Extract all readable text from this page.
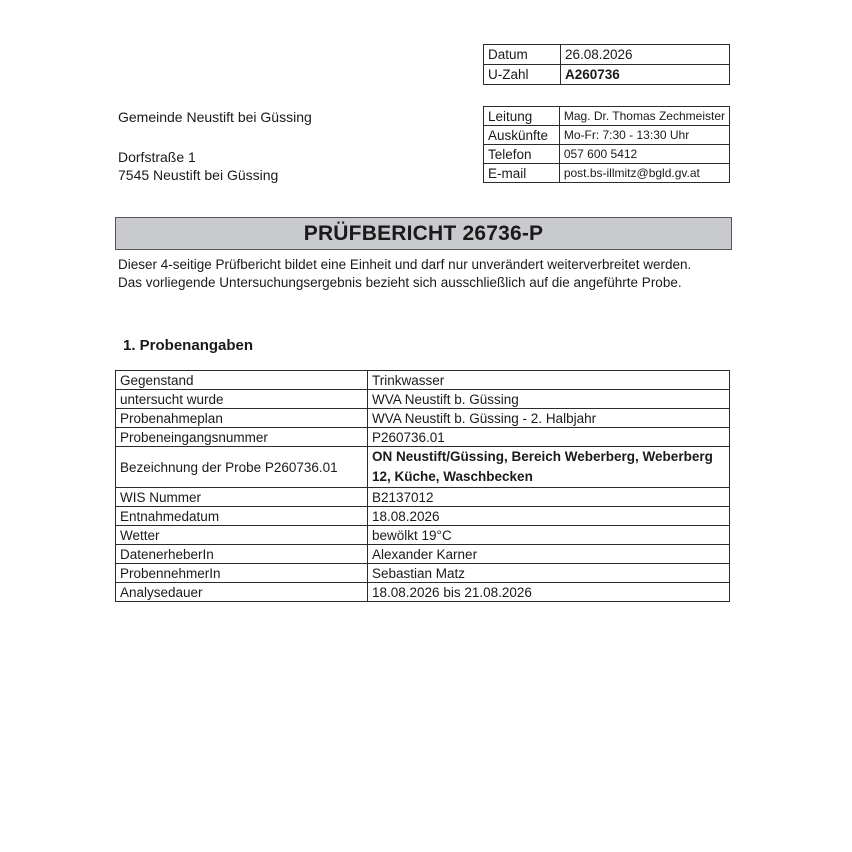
Datum	26.08.2026
U-Zahl	A260736
Gemeinde Neustift bei Güssing
Dorfstraße 1
7545 Neustift bei Güssing
Leitung	Mag. Dr. Thomas Zechmeister
Auskünfte	Mo-Fr: 7:30 - 13:30 Uhr
Telefon	057 600 5412
E-mail	post.bs-illmitz@bgld.gv.at
PRÜFBERICHT 26736-P
Dieser 4-seitige Prüfbericht bildet eine Einheit und darf nur unverändert weiterverbreitet werden.
Das vorliegende Untersuchungsergebnis bezieht sich ausschließlich auf die angeführte Probe.
1. Probenangaben
Gegenstand	Trinkwasser
untersucht wurde	WVA Neustift b. Güssing
Probenahmeplan	WVA Neustift b. Güssing - 2. Halbjahr
Probeneingangsnummer	P260736.01
Bezeichnung der Probe P260736.01	ON Neustift/Güssing, Bereich Weberberg, Weberberg 12, Küche, Waschbecken
WIS Nummer	B2137012
Entnahmedatum	18.08.2026
Wetter	bewölkt 19°C
DatenerheberIn	Alexander Karner
ProbennehmerIn	Sebastian Matz
Analysedauer	18.08.2026 bis 21.08.2026
